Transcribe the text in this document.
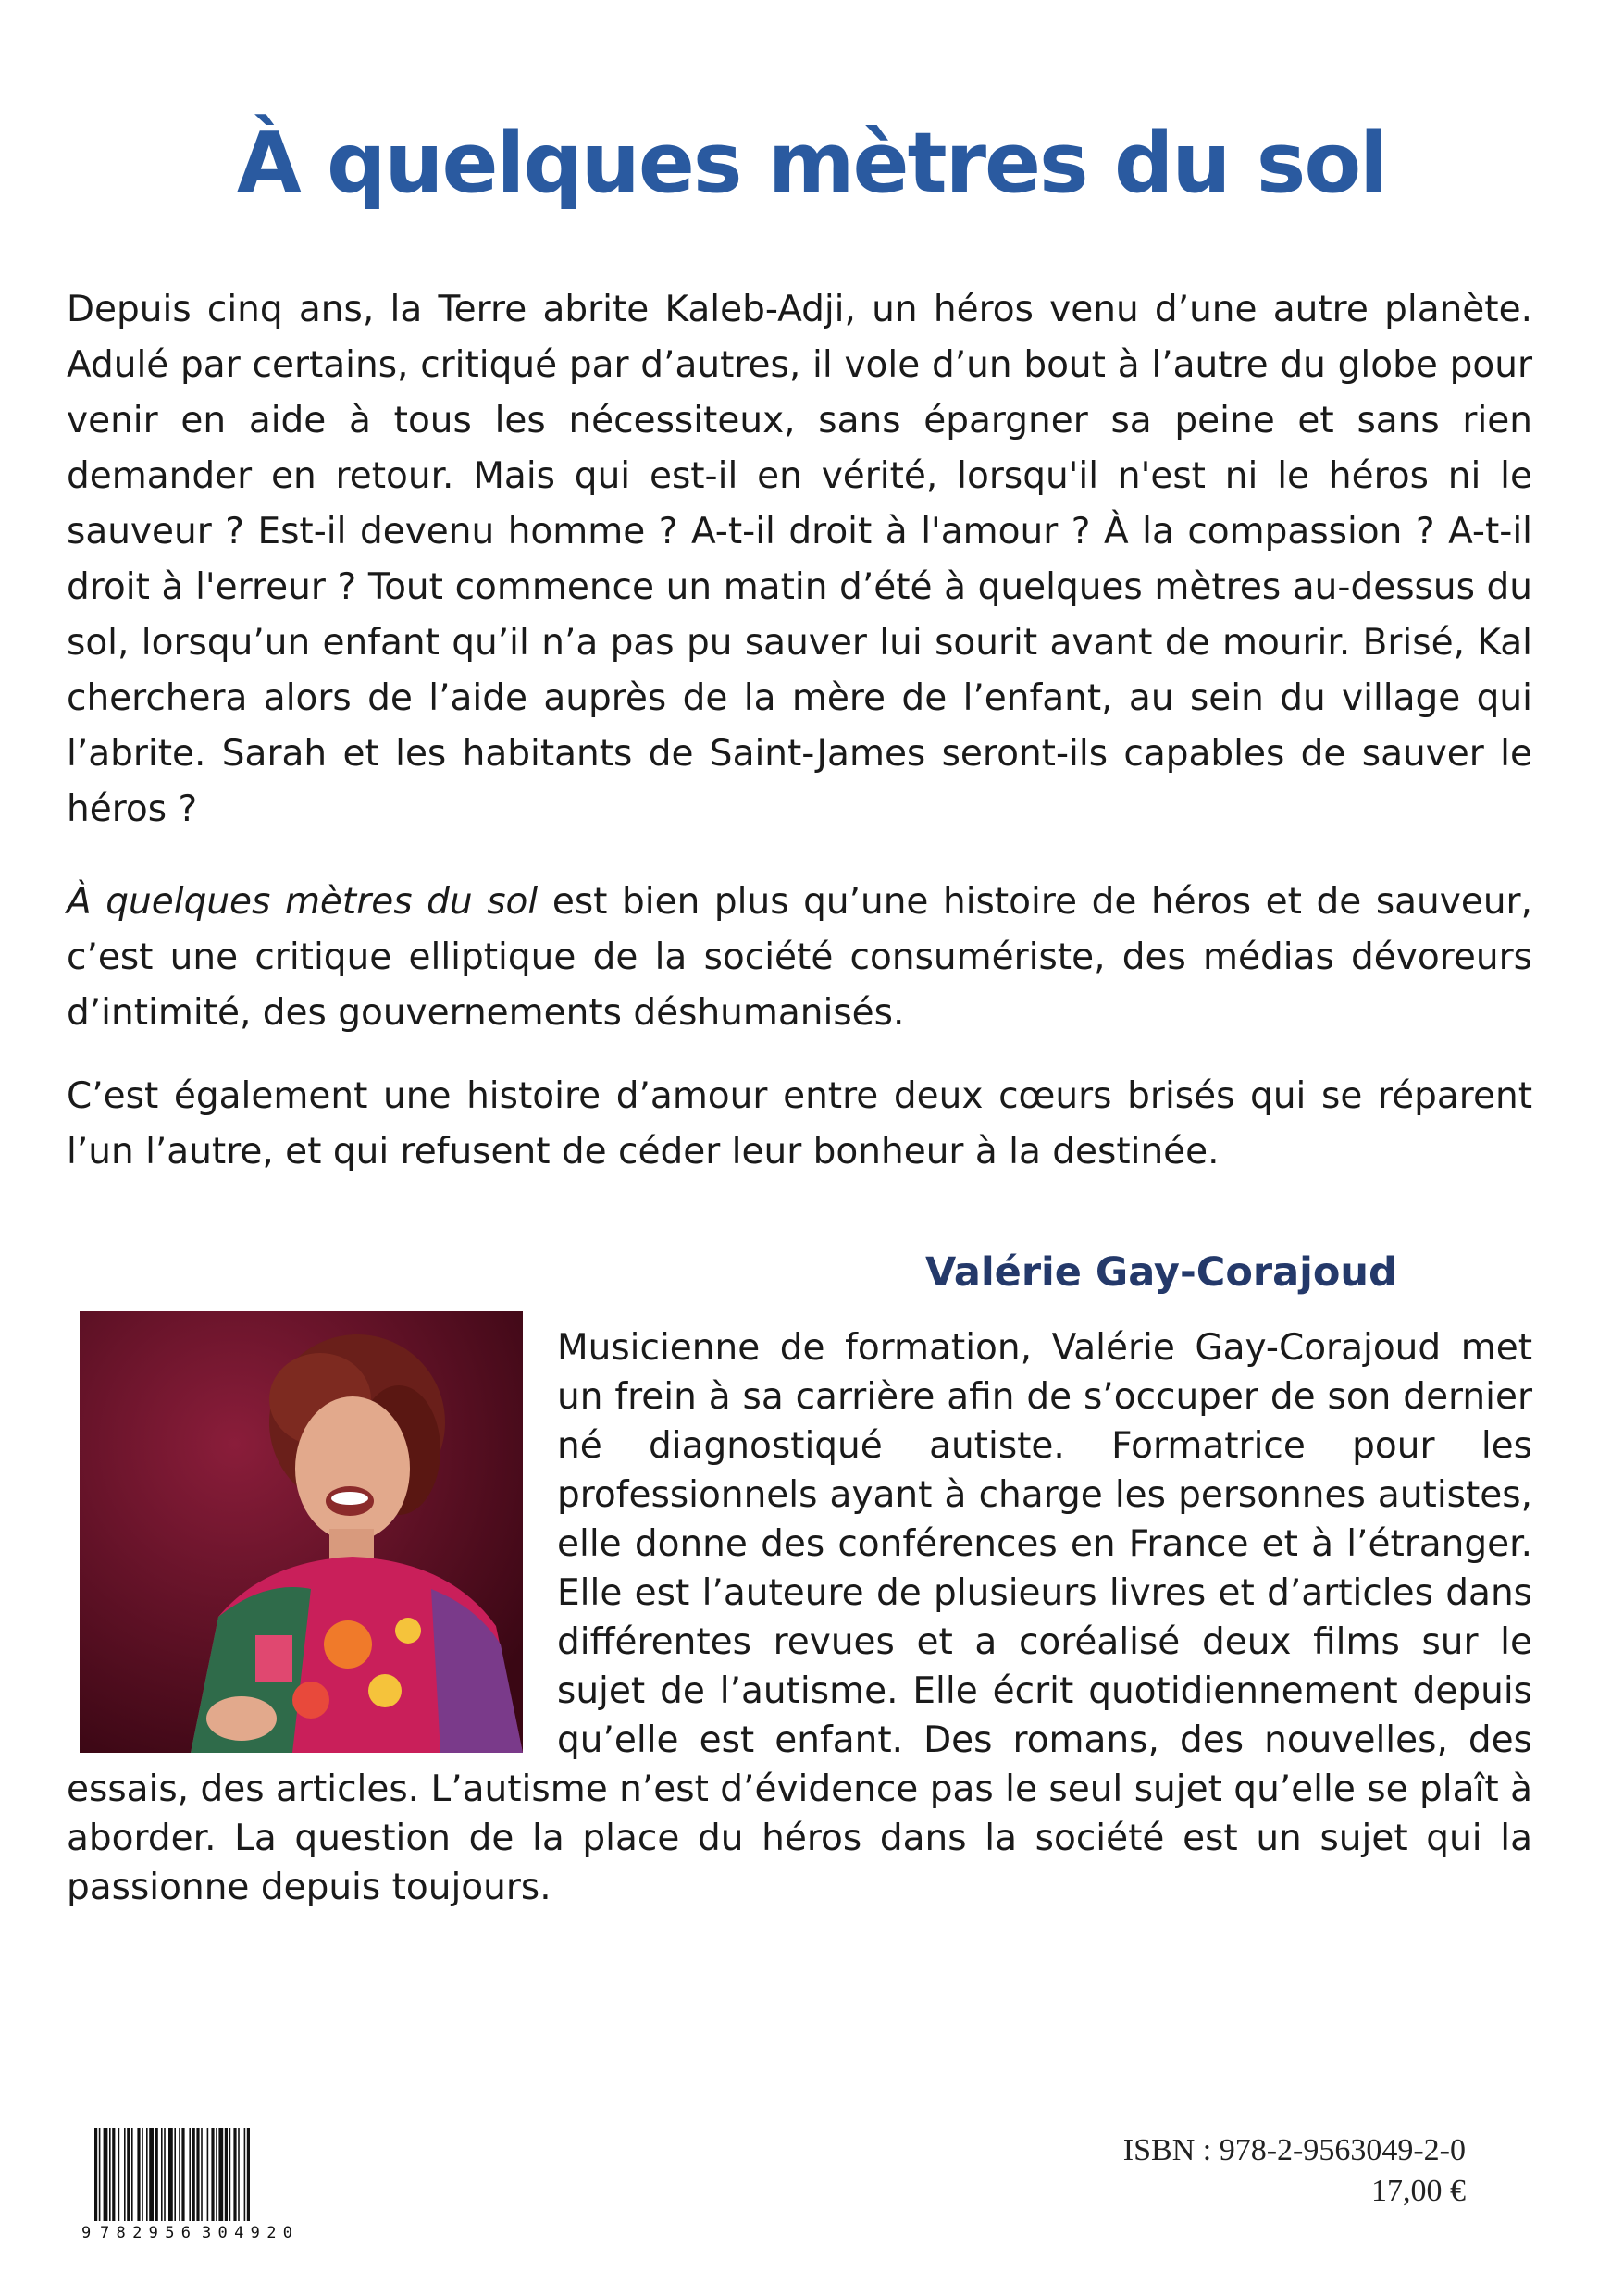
À quelques mètres du sol

Depuis cinq ans, la Terre abrite Kaleb-Adji, un héros venu d’une autre planète. Adulé par certains, critiqué par d’autres, il vole d’un bout à l’autre du globe pour venir en aide à tous les nécessiteux, sans épargner sa peine et sans rien demander en retour. Mais qui est-il en vérité, lorsqu'il n'est ni le héros ni le sauveur ? Est-il devenu homme ? A-t-il droit à l'amour ? À la compassion ? A-t-il droit à l'erreur ? Tout commence un matin d’été à quelques mètres au-dessus du sol, lorsqu’un enfant qu’il n’a pas pu sauver lui sourit avant de mourir. Brisé, Kal cherchera alors de l’aide auprès de la mère de l’enfant, au sein du village qui l’abrite. Sarah et les habitants de Saint-James seront-ils capables de sauver le héros ?

À quelques mètres du sol est bien plus qu’une histoire de héros et de sauveur, c’est une critique elliptique de la société consumériste, des médias dévoreurs d’intimité, des gouvernements déshumanisés.

C’est également une histoire d’amour entre deux cœurs brisés qui se réparent l’un l’autre, et qui refusent de céder leur bonheur à la destinée.

Valérie Gay-Corajoud

Musicienne de formation, Valérie Gay-Corajoud met un frein à sa carrière afin de s’occuper de son dernier né diagnostiqué autiste. Formatrice pour les professionnels ayant à charge les personnes autistes, elle donne des conférences en France et à l’étranger. Elle est l’auteure de plusieurs livres et d’articles dans différentes revues et a coréalisé deux films sur le sujet de l’autisme. Elle écrit quotidiennement depuis qu’elle est enfant. Des romans, des nouvelles, des essais, des articles. L’autisme n’est d’évidence pas le seul sujet qu’elle se plaît à aborder. La question de la place du héros dans la société est un sujet qui la passionne depuis toujours.

9 782956 304920
ISBN : 978-2-9563049-2-0
17,00 €
